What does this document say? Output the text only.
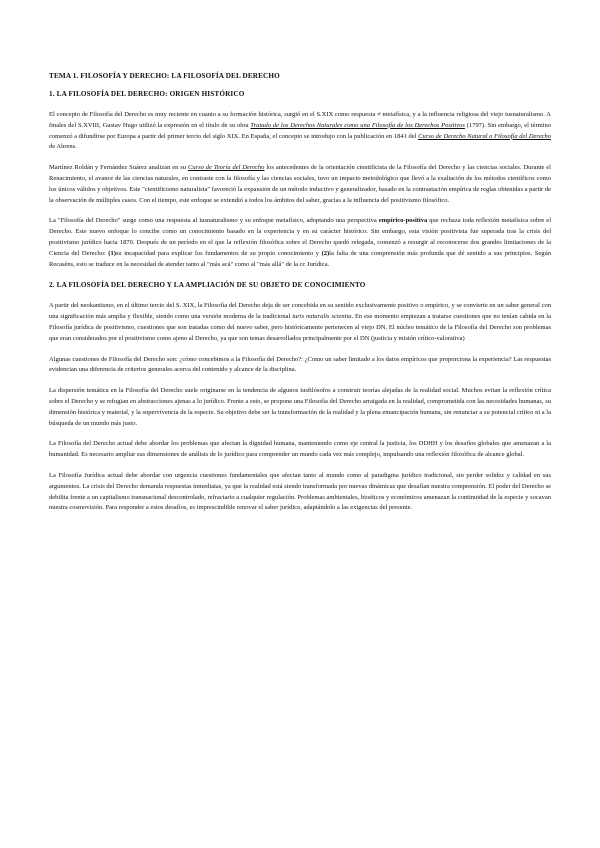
TEMA 1. FILOSOFÍA Y DERECHO: LA FILOSOFÍA DEL DERECHO

1. LA FILOSOFÍA DEL DERECHO: ORIGEN HISTÓRICO

El concepto de Filosofía del Derecho es muy reciente en cuanto a su formación histórica, surgió en el S.XIX como respuesta ≠ metafísica, y a la influencia religiosa del viejo iusnaturalismo. A finales del S.XVIII, Gustav Hugo utilizó la expresión en el título de su obra Tratado de los Derechos Naturales como una Filosofía de los Derechos Positivos (1797). Sin embargo, el término comenzó a difundirse por Europa a partir del primer tercio del siglo XIX. En España, el concepto se introdujo con la publicación en 1841 del Curso de Derecho Natural o Filosofía del Derecho de Ahrens.

Martínez Roldán y Fernández Suárez analizan en su Curso de Teoría del Derecho los antecedentes de la orientación cientificista de la Filosofía del Derecho y las ciencias sociales. Durante el Renacimiento, el avance de las ciencias naturales, en contraste con la filosofía y las ciencias sociales, tuvo un impacto metodológico que llevó a la exaltación de los métodos científicos como los únicos válidos y objetivos. Este "cientificismo naturalista" favoreció la expansión de un método inductivo y generalizador, basado en la contrastación empírica de reglas obtenidas a partir de la observación de múltiples casos. Con el tiempo, este enfoque se extendió a todos los ámbitos del saber, gracias a la influencia del positivismo filosófico.

La "Filosofía del Derecho" surge como una respuesta al iusnaturalismo y su enfoque metafísico, adoptando una perspectiva empírico-positiva que rechaza toda reflexión metafísica sobre el Derecho. Este nuevo enfoque lo concibe como un conocimiento basado en la experiencia y en su carácter histórico. Sin embargo, esta visión positivista fue superada tras la crisis del positivismo jurídico hacia 1870. Después de un período en el que la reflexión filosófica sobre el Derecho quedó relegada, comenzó a resurgir al reconocerse dos grandes limitaciones de la Ciencia del Derecho: (1)su incapacidad para explicar los fundamentos de su propio conocimiento y (2)la falta de una comprensión más profunda que dé sentido a sus principios. Según Recaséns, esto se traduce en la necesidad de atender tanto al "más acá" como al "más allá" de la cc Jurídica.

2. LA FILOSOFÍA DEL DERECHO Y LA AMPLIACIÓN DE SU OBJETO DE CONOCIMIENTO

A partir del neokantismo, en el último tercio del S. XIX, la Filosofía del Derecho deja de ser concebida en su sentido exclusivamente positivo o empírico, y se convierte en un saber general con una significación más amplia y flexible, siendo como una versión moderna de la tradicional iuris naturalis scientia. En ese momento empiezan a tratarse cuestiones que no tenían cabida en la Filosofía jurídica de positivismo, cuestiones que son tratadas como del nuevo saber, pero históricamente pertenecen al viejo DN. El núcleo temático de la Filosofía del Derecho son problemas que eran considerados por el positivismo como ajeno al Derecho, ya que son temas desarrollados principalmente por el DN (justicia y misión crítico-valorativa)

Algunas cuestiones de Filosofía del Derecho son: ¿cómo concebimos a la Filosofía del Derecho?: ¿Como un saber limitado a los datos empíricos que proporciona la experiencia? Las respuestas evidencian una diferencia de criterios generales acerca del contenido y alcance de la disciplina.

La dispersión temática en la Filosofía del Derecho suele originarse en la tendencia de algunos iusfilósofos a construir teorías alejadas de la realidad social. Muchos evitan la reflexión crítica sobre el Derecho y se refugian en abstracciones ajenas a lo jurídico. Frente a esto, se propone una Filosofía del Derecho arraigada en la realidad, comprometida con las necesidades humanas, su dimensión histórica y material, y la supervivencia de la especie. Su objetivo debe ser la transformación de la realidad y la plena emancipación humana, sin renunciar a su potencial crítico ni a la búsqueda de un mundo más justo.

La Filosofía del Derecho actual debe abordar los problemas que afectan la dignidad humana, manteniendo como eje central la justicia, los DDHH y los desafíos globales que amenazan a la humanidad. Es necesario ampliar sus dimensiones de análisis de lo jurídico para comprender un mundo cada vez más complejo, impulsando una reflexión filosófica de alcance global.

La Filosofía Jurídica actual debe abordar con urgencia cuestiones fundamentales que afectan tanto al mundo como al paradigma jurídico tradicional, sin perder solidez y calidad en sus argumentos. La crisis del Derecho demanda respuestas inmediatas, ya que la realidad está siendo transformada por nuevas dinámicas que desafían nuestra comprensión. El poder del Derecho se debilita frente a un capitalismo transnacional descontrolado, refractario a cualquier regulación. Problemas ambientales, bioéticos y económicos amenazan la continuidad de la especie y socavan nuestra cosmovisión. Para responder a estos desafíos, es imprescindible renovar el saber jurídico, adaptándolo a las exigencias del presente.
